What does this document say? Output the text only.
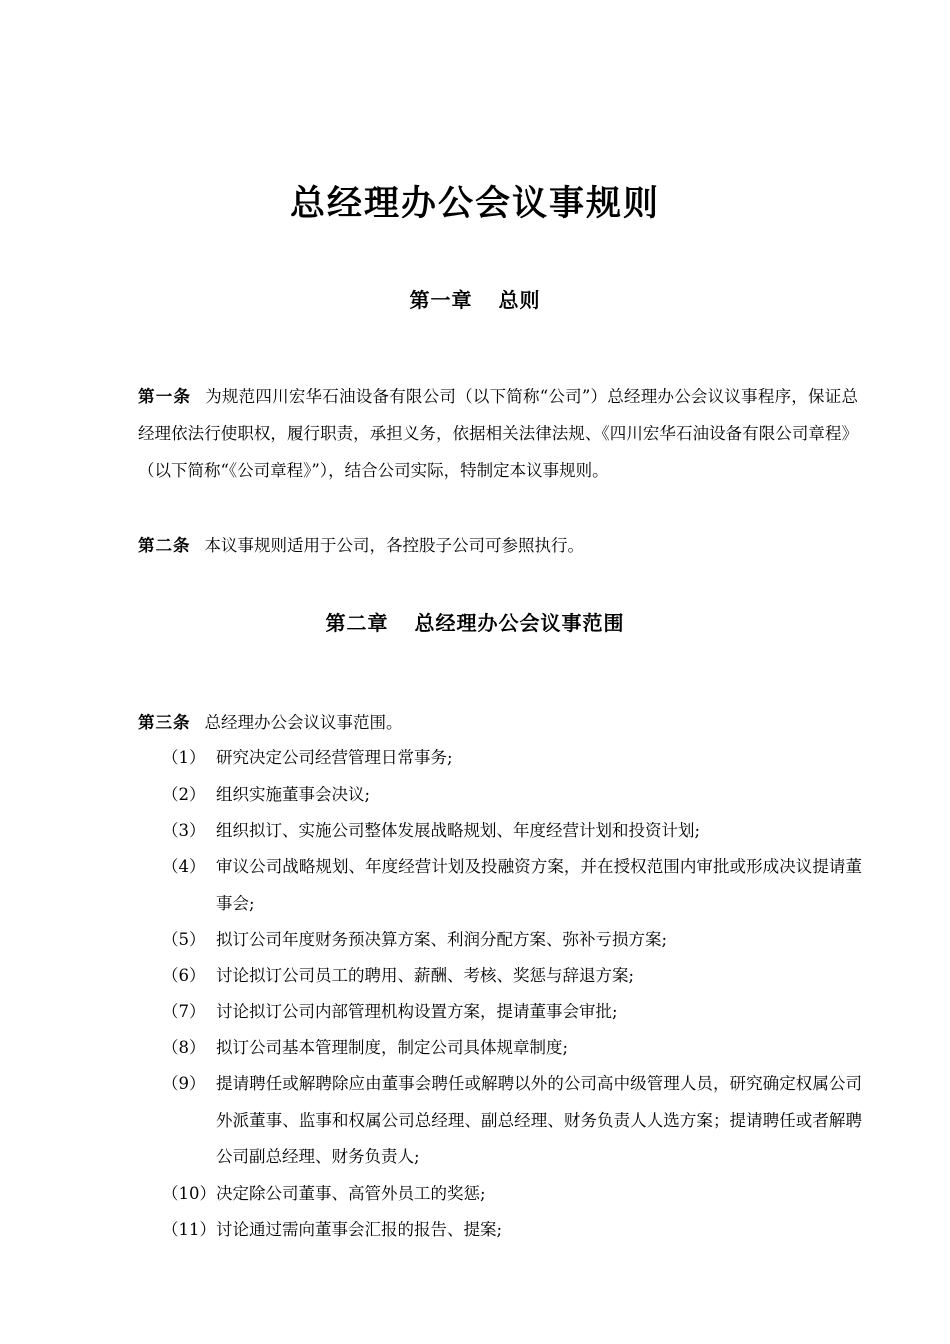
总经理办公会议事规则
第一章 总则
第一条 为规范四川宏华石油设备有限公司（以下简称“公司”）总经理办公会议议事程序，保证总经理依法行使职权，履行职责，承担义务，依据相关法律法规、《四川宏华石油设备有限公司章程》（以下简称“《公司章程》”），结合公司实际，特制定本议事规则。
第二条 本议事规则适用于公司，各控股子公司可参照执行。
第二章 总经理办公会议事范围
第三条 总经理办公会议议事范围。
（1） 研究决定公司经营管理日常事务;
（2） 组织实施董事会决议;
（3） 组织拟订、实施公司整体发展战略规划、年度经营计划和投资计划;
（4） 审议公司战略规划、年度经营计划及投融资方案，并在授权范围内审批或形成决议提请董事会;
（5） 拟订公司年度财务预决算方案、利润分配方案、弥补亏损方案;
（6） 讨论拟订公司员工的聘用、薪酬、考核、奖惩与辞退方案;
（7） 讨论拟订公司内部管理机构设置方案，提请董事会审批;
（8） 拟订公司基本管理制度，制定公司具体规章制度;
（9） 提请聘任或解聘除应由董事会聘任或解聘以外的公司高中级管理人员，研究确定权属公司外派董事、监事和权属公司总经理、副总经理、财务负责人人选方案；提请聘任或者解聘公司副总经理、财务负责人;
（10） 决定除公司董事、高管外员工的奖惩;
（11） 讨论通过需向董事会汇报的报告、提案;
